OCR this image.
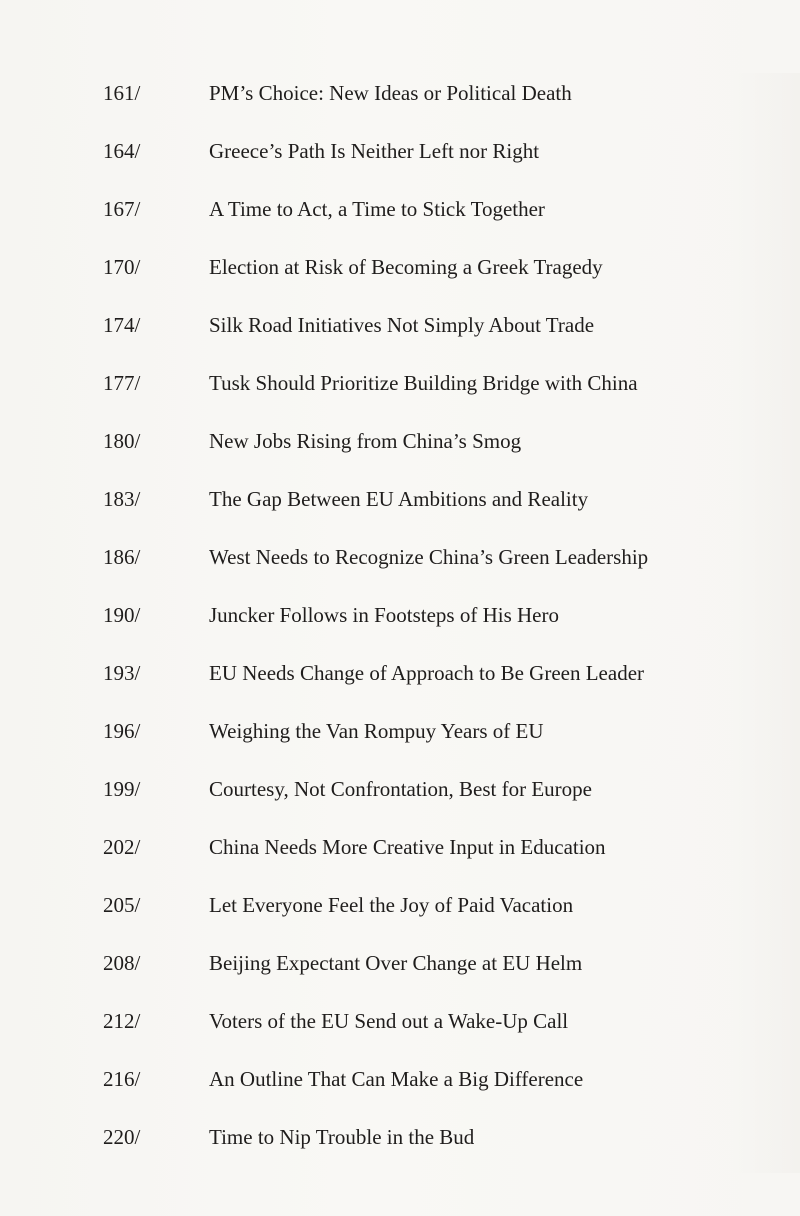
161/	PM’s Choice: New Ideas or Political Death
164/	Greece’s Path Is Neither Left nor Right
167/	A Time to Act, a Time to Stick Together
170/	Election at Risk of Becoming a Greek Tragedy
174/	Silk Road Initiatives Not Simply About Trade
177/	Tusk Should Prioritize Building Bridge with China
180/	New Jobs Rising from China’s Smog
183/	The Gap Between EU Ambitions and Reality
186/	West Needs to Recognize China’s Green Leadership
190/	Juncker Follows in Footsteps of His Hero
193/	EU Needs Change of Approach to Be Green Leader
196/	Weighing the Van Rompuy Years of EU
199/	Courtesy, Not Confrontation, Best for Europe
202/	China Needs More Creative Input in Education
205/	Let Everyone Feel the Joy of Paid Vacation
208/	Beijing Expectant Over Change at EU Helm
212/	Voters of the EU Send out a Wake-Up Call
216/	An Outline That Can Make a Big Difference
220/	Time to Nip Trouble in the Bud
